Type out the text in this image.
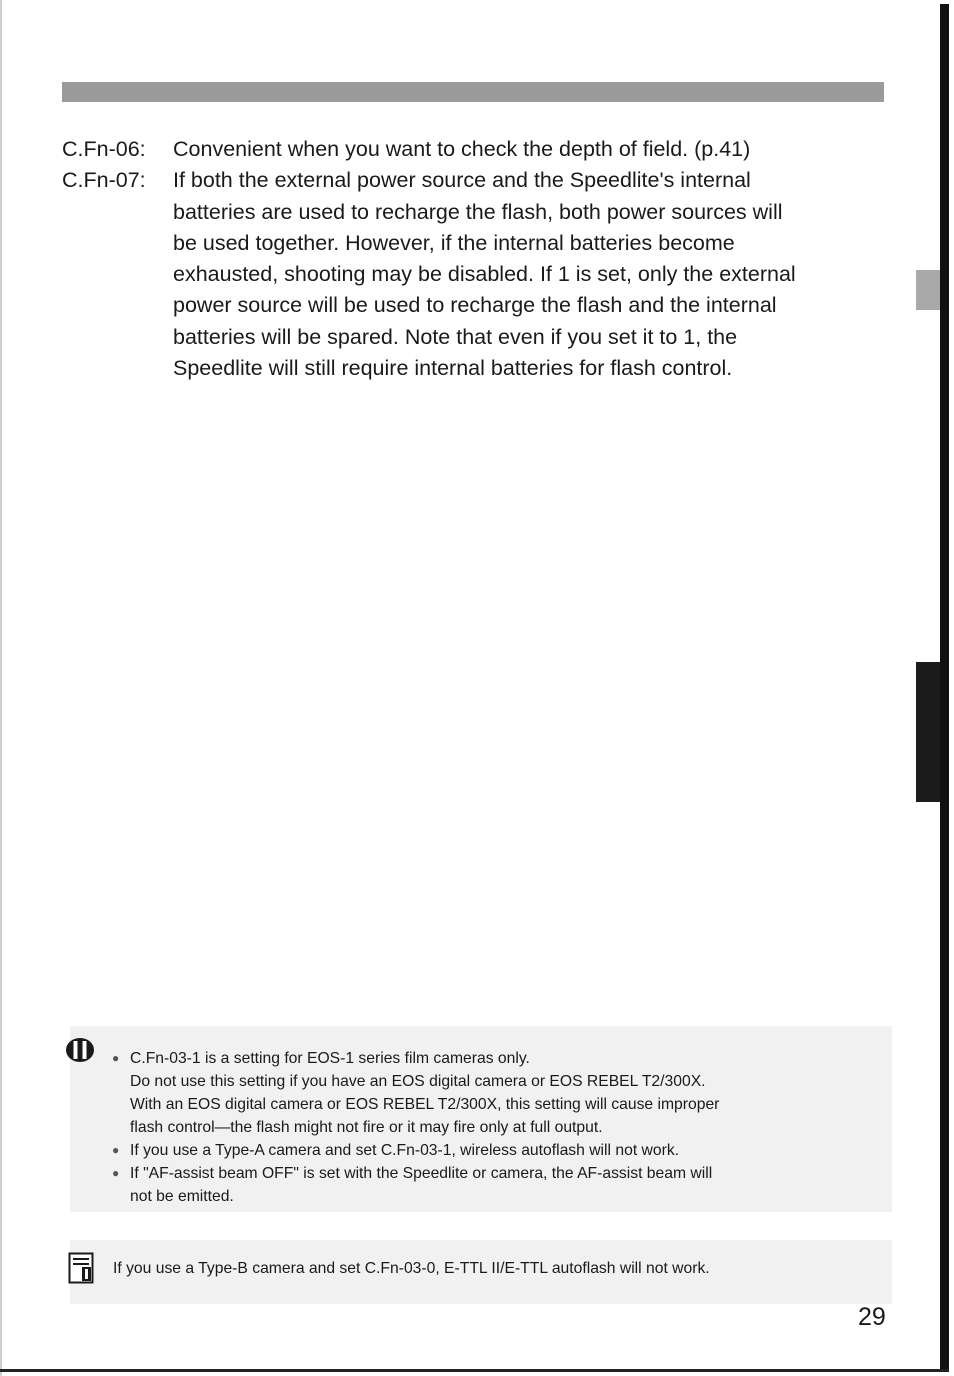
C.Fn-06:	Convenient when you want to check the depth of field. (p.41)

C.Fn-07:	If both the external power source and the Speedlite's internal
batteries are used to recharge the flash, both power sources will
be used together. However, if the internal batteries become
exhausted, shooting may be disabled. If 1 is set, only the external
power source will be used to recharge the flash and the internal
batteries will be spared. Note that even if you set it to 1, the
Speedlite will still require internal batteries for flash control.

● C.Fn-03-1 is a setting for EOS-1 series film cameras only.
Do not use this setting if you have an EOS digital camera or EOS REBEL T2/300X.
With an EOS digital camera or EOS REBEL T2/300X, this setting will cause improper
flash control—the flash might not fire or it may fire only at full output.
● If you use a Type-A camera and set C.Fn-03-1, wireless autoflash will not work.
● If "AF-assist beam OFF" is set with the Speedlite or camera, the AF-assist beam will
not be emitted.
If you use a Type-B camera and set C.Fn-03-0, E-TTL II/E-TTL autoflash will not work.
29
